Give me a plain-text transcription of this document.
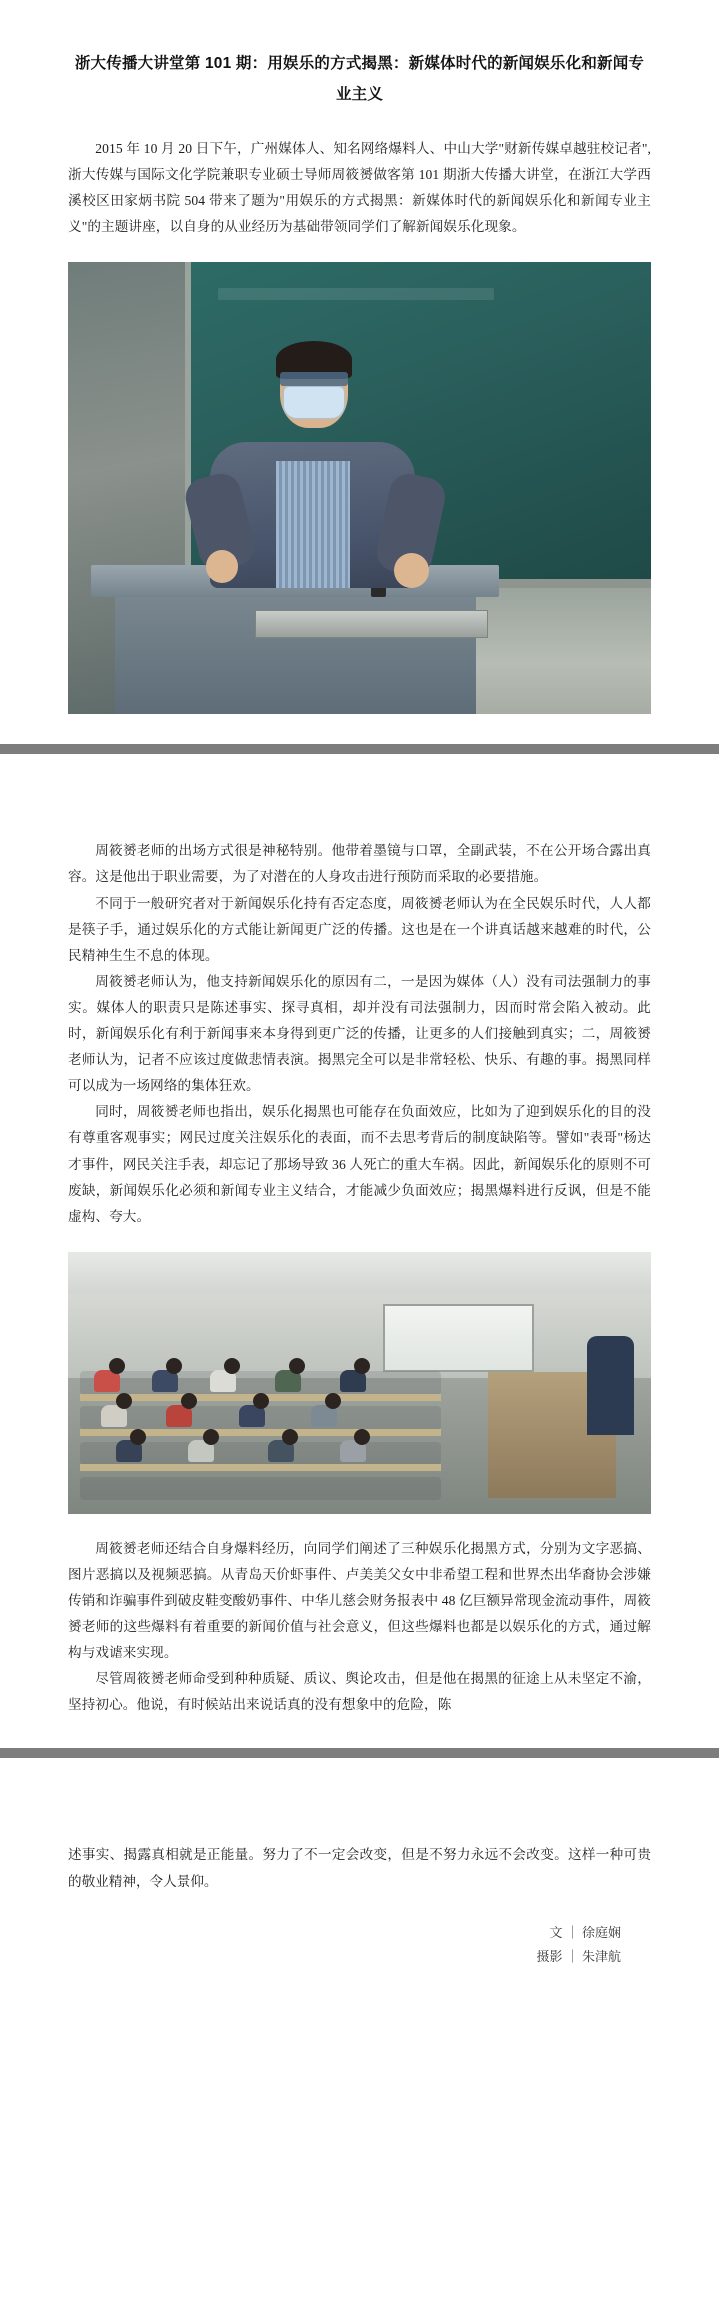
浙大传播大讲堂第 101 期：用娱乐的方式揭黑：新媒体时代的新闻娱乐化和新闻专业主义

2015 年 10 月 20 日下午，广州媒体人、知名网络爆料人、中山大学"财新传媒卓越驻校记者",浙大传媒与国际文化学院兼职专业硕士导师周筱赟做客第 101 期浙大传播大讲堂，在浙江大学西溪校区田家炳书院 504 带来了题为"用娱乐的方式揭黑：新媒体时代的新闻娱乐化和新闻专业主义"的主题讲座，以自身的从业经历为基础带领同学们了解新闻娱乐化现象。

周筱赟老师的出场方式很是神秘特别。他带着墨镜与口罩，全副武装，不在公开场合露出真容。这是他出于职业需要，为了对潜在的人身攻击进行预防而采取的必要措施。

不同于一般研究者对于新闻娱乐化持有否定态度，周筱赟老师认为在全民娱乐时代，人人都是筷子手，通过娱乐化的方式能让新闻更广泛的传播。这也是在一个讲真话越来越难的时代，公民精神生生不息的体现。

周筱赟老师认为，他支持新闻娱乐化的原因有二，一是因为媒体（人）没有司法强制力的事实。媒体人的职责只是陈述事实、探寻真相，却并没有司法强制力，因而时常会陷入被动。此时，新闻娱乐化有利于新闻事来本身得到更广泛的传播，让更多的人们接触到真实；二，周筱赟老师认为，记者不应该过度做悲情表演。揭黑完全可以是非常轻松、快乐、有趣的事。揭黑同样可以成为一场网络的集体狂欢。

同时，周筱赟老师也指出，娱乐化揭黑也可能存在负面效应，比如为了迎到娱乐化的目的没有尊重客观事实；网民过度关注娱乐化的表面，而不去思考背后的制度缺陷等。譬如"表哥"杨达才事件，网民关注手表，却忘记了那场导致 36 人死亡的重大车祸。因此，新闻娱乐化的原则不可废缺，新闻娱乐化必须和新闻专业主义结合，才能减少负面效应；揭黑爆料进行反讽，但是不能虚构、夸大。

周筱赟老师还结合自身爆料经历，向同学们阐述了三种娱乐化揭黑方式，分别为文字恶搞、图片恶搞以及视频恶搞。从青岛天价虾事件、卢美美父女中非希望工程和世界杰出华裔协会涉嫌传销和诈骗事件到破皮鞋变酸奶事件、中华儿慈会财务报表中 48 亿巨额异常现金流动事件，周筱赟老师的这些爆料有着重要的新闻价值与社会意义，但这些爆料也都是以娱乐化的方式，通过解构与戏谑来实现。

尽管周筱赟老师命受到种种质疑、质议、舆论攻击，但是他在揭黑的征途上从未坚定不渝，坚持初心。他说，有时候站出来说话真的没有想象中的危险，陈

述事实、揭露真相就是正能量。努力了不一定会改变，但是不努力永远不会改变。这样一种可贵的敬业精神，令人景仰。

文 ｜ 徐庭娴
摄影 ｜ 朱津航
